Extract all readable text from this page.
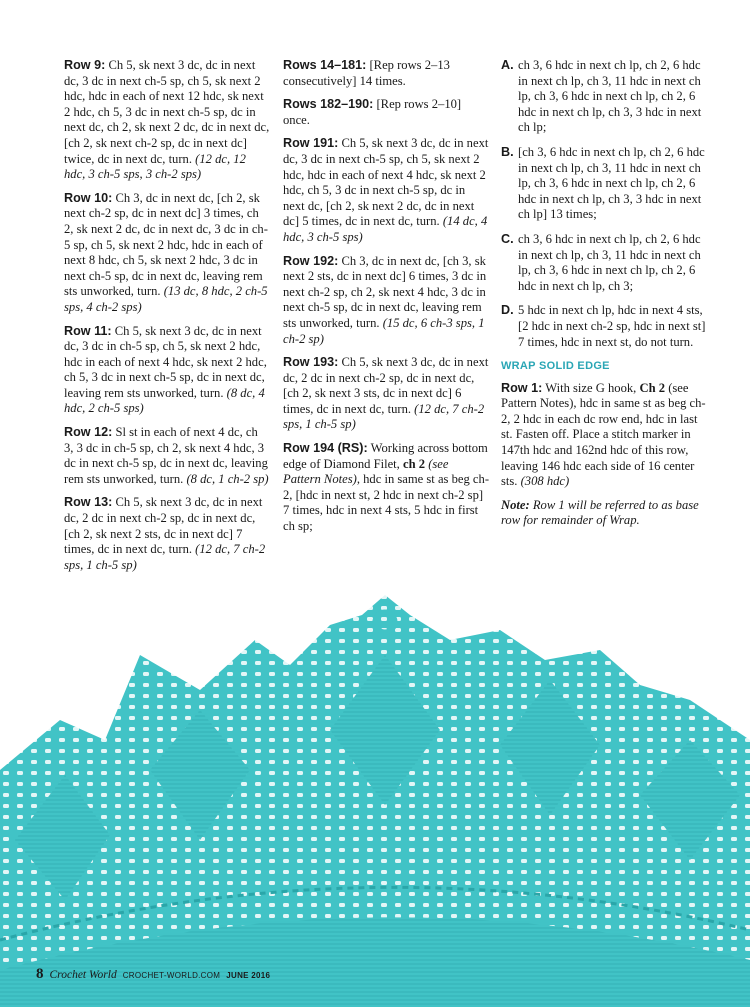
Row 9: Ch 5, sk next 3 dc, dc in next dc, 3 dc in next ch-5 sp, ch 5, sk next 2 hdc, hdc in each of next 12 hdc, sk next 2 hdc, ch 5, 3 dc in next ch-5 sp, dc in next dc, ch 2, sk next 2 dc, dc in next dc, [ch 2, sk next ch-2 sp, dc in next dc] twice, dc in next dc, turn. (12 dc, 12 hdc, 3 ch-5 sps, 3 ch-2 sps)

Row 10: Ch 3, dc in next dc, [ch 2, sk next ch-2 sp, dc in next dc] 3 times, ch 2, sk next 2 dc, dc in next dc, 3 dc in ch-5 sp, ch 5, sk next 2 hdc, hdc in each of next 8 hdc, ch 5, sk next 2 hdc, 3 dc in next ch-5 sp, dc in next dc, leaving rem sts unworked, turn. (13 dc, 8 hdc, 2 ch-5 sps, 4 ch-2 sps)

Row 11: Ch 5, sk next 3 dc, dc in next dc, 3 dc in ch-5 sp, ch 5, sk next 2 hdc, hdc in each of next 4 hdc, sk next 2 hdc, ch 5, 3 dc in next ch-5 sp, dc in next dc, leaving rem sts unworked, turn. (8 dc, 4 hdc, 2 ch-5 sps)

Row 12: Sl st in each of next 4 dc, ch 3, 3 dc in ch-5 sp, ch 2, sk next 4 hdc, 3 dc in next ch-5 sp, dc in next dc, leaving rem sts unworked, turn. (8 dc, 1 ch-2 sp)

Row 13: Ch 5, sk next 3 dc, dc in next dc, 2 dc in next ch-2 sp, dc in next dc, [ch 2, sk next 2 sts, dc in next dc] 7 times, dc in next dc, turn. (12 dc, 7 ch-2 sps, 1 ch-5 sp)

Rows 14–181: [Rep rows 2–13 consecutively] 14 times.

Rows 182–190: [Rep rows 2–10] once.

Row 191: Ch 5, sk next 3 dc, dc in next dc, 3 dc in next ch-5 sp, ch 5, sk next 2 hdc, hdc in each of next 4 hdc, sk next 2 hdc, ch 5, 3 dc in next ch-5 sp, dc in next dc, [ch 2, sk next 2 dc, dc in next dc] 5 times, dc in next dc, turn. (14 dc, 4 hdc, 3 ch-5 sps)

Row 192: Ch 3, dc in next dc, [ch 3, sk next 2 sts, dc in next dc] 6 times, 3 dc in next ch-2 sp, ch 2, sk next 4 hdc, 3 dc in next ch-5 sp, dc in next dc, leaving rem sts unworked, turn. (15 dc, 6 ch-3 sps, 1 ch-2 sp)

Row 193: Ch 5, sk next 3 dc, dc in next dc, 2 dc in next ch-2 sp, dc in next dc, [ch 2, sk next 3 sts, dc in next dc] 6 times, dc in next dc, turn. (12 dc, 7 ch-2 sps, 1 ch-5 sp)

Row 194 (RS): Working across bottom edge of Diamond Filet, ch 2 (see Pattern Notes), hdc in same st as beg ch-2, [hdc in next st, 2 hdc in next ch-2 sp] 7 times, hdc in next 4 sts, 5 hdc in first ch sp;

A. ch 3, 6 hdc in next ch lp, ch 2, 6 hdc in next ch lp, ch 3, 11 hdc in next ch lp, ch 3, 6 hdc in next ch lp, ch 2, 6 hdc in next ch lp, ch 3, 3 hdc in next ch lp;
B. [ch 3, 6 hdc in next ch lp, ch 2, 6 hdc in next ch lp, ch 3, 11 hdc in next ch lp, ch 3, 6 hdc in next ch lp, ch 2, 6 hdc in next ch lp, ch 3, 3 hdc in next ch lp] 13 times;
C. ch 3, 6 hdc in next ch lp, ch 2, 6 hdc in next ch lp, ch 3, 11 hdc in next ch lp, ch 3, 6 hdc in next ch lp, ch 2, 6 hdc in next ch lp, ch 3;
D. 5 hdc in next ch lp, hdc in next 4 sts, [2 hdc in next ch-2 sp, hdc in next st] 7 times, hdc in next st, do not turn.
WRAP SOLID EDGE

Row 1: With size G hook, Ch 2 (see Pattern Notes), hdc in same st as beg ch-2, 2 hdc in each dc row end, hdc in last st. Fasten off. Place a stitch marker in 147th hdc and 162nd hdc of this row, leaving 146 hdc each side of 16 center sts. (308 hdc)

Note: Row 1 will be referred to as base row for remainder of Wrap.

8 Crochet World CROCHET-WORLD.COM JUNE 2016
